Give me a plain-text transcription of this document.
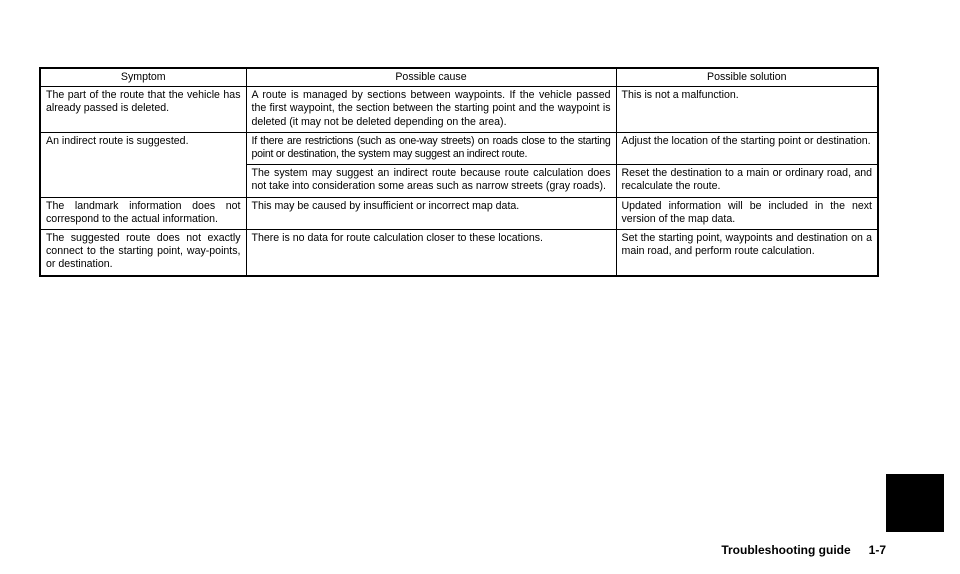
Symptom	Possible cause	Possible solution
The part of the route that the vehicle has already passed is deleted.	A route is managed by sections between waypoints. If the vehicle passed the first waypoint, the section between the starting point and the waypoint is deleted (it may not be deleted depending on the area).	This is not a malfunction.
An indirect route is suggested.	If there are restrictions (such as one-way streets) on roads close to the starting point or destination, the system may suggest an indirect route.	Adjust the location of the starting point or destination.
	The system may suggest an indirect route because route calculation does not take into consideration some areas such as narrow streets (gray roads).	Reset the destination to a main or ordinary road, and recalculate the route.
The landmark information does not correspond to the actual information.	This may be caused by insufficient or incorrect map data.	Updated information will be included in the next version of the map data.
The suggested route does not exactly connect to the starting point, way-points, or destination.	There is no data for route calculation closer to these locations.	Set the starting point, waypoints and destination on a main road, and perform route calculation.
Troubleshooting guide 1-7
